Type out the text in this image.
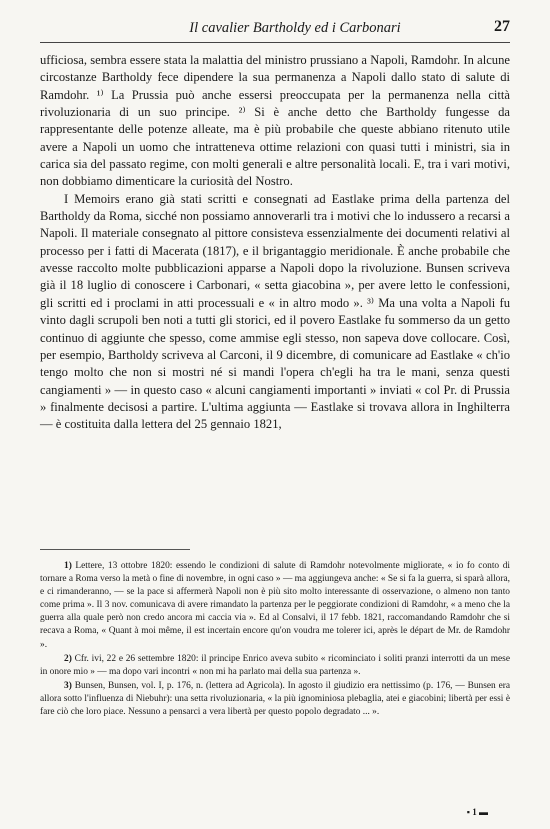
Il cavalier Bartholdy ed i Carbonari	27

ufficiosa, sembra essere stata la malattia del ministro prussiano a Napoli, Ramdohr. In alcune circostanze Bartholdy fece dipendere la sua permanenza a Napoli dallo stato di salute di Ramdohr. ¹⁾ La Prussia può anche essersi preoccupata per la permanenza nella città rivoluzionaria di un suo principe. ²⁾ Si è anche detto che Bartholdy fungesse da rappresentante delle potenze alleate, ma è più probabile che queste abbiano ritenuto utile avere a Napoli un uomo che intratteneva ottime relazioni con quasi tutti i ministri, sia in carica sia del passato regime, con molti generali e altre personalità locali. E, tra i vari motivi, non dobbiamo dimenticare la curiosità del Nostro.

I Memoirs erano già stati scritti e consegnati ad Eastlake prima della partenza del Bartholdy da Roma, sicché non possiamo annoverarli tra i motivi che lo indussero a recarsi a Napoli. Il materiale consegnato al pittore consisteva essenzialmente dei documenti relativi al processo per i fatti di Macerata (1817), e il brigantaggio meridionale. È anche probabile che avesse raccolto molte pubblicazioni apparse a Napoli dopo la rivoluzione. Bunsen scriveva già il 18 luglio di conoscere i Carbonari, « setta giacobina », per avere letto le confessioni, gli scritti ed i proclami in atti processuali e « in altro modo ». ³⁾ Ma una volta a Napoli fu vinto dagli scrupoli ben noti a tutti gli storici, ed il povero Eastlake fu sommerso da un getto continuo di aggiunte che spesso, come ammise egli stesso, non sapeva dove collocare. Così, per esempio, Bartholdy scriveva al Carconi, il 9 dicembre, di comunicare ad Eastlake « ch'io tengo molto che non si mostri né si mandi l'opera ch'egli ha tra le mani, senza questi cangiamenti » — in questo caso « alcuni cangiamenti importanti » inviati « col Pr. di Prussia » finalmente decisosi a partire. L'ultima aggiunta — Eastlake si trovava allora in Inghilterra — è costituita dalla lettera del 25 gennaio 1821,

1) Lettere, 13 ottobre 1820: essendo le condizioni di salute di Ramdohr notevolmente migliorate, « io fo conto di tornare a Roma verso la metà o fine di novembre, in ogni caso » — ma aggiungeva anche: « Se si fa la guerra, si sparà allora, e ci rimanderanno, — se la pace si affermerà Napoli non è più sito molto interessante di osservazione, o almeno non tanto come prima ». Il 3 nov. comunicava di avere rimandato la partenza per le peggiorate condizioni di Ramdohr, « a meno che la guerra alla quale però non credo ancora mi caccia via ». Ed al Consalvi, il 17 febb. 1821, raccomandando Ramdohr che si recava a Roma, « Quant à moi même, il est incertain encore qu'on voudra me tolerer ici, après le départ de Mr. de Ramdohr ».

2) Cfr. ivi, 22 e 26 settembre 1820: il principe Enrico aveva subito « ricominciato i soliti pranzi interrotti da un mese in onore mio » — ma dopo vari incontri « non mi ha parlato mai della sua partenza ».

3) Bunsen, Bunsen, vol. I, p. 176, n. (lettera ad Agricola). In agosto il giudizio era nettissimo (p. 176, — Bunsen era allora sotto l'influenza di Niebuhr): una setta rivoluzionaria, « la più ignominiosa plebaglia, atei e giacobini; libertà per essi è fare ciò che loro piace. Nessuno a pensarci a vera libertà per questo popolo degradato ... ».

▪ 1 ▬
